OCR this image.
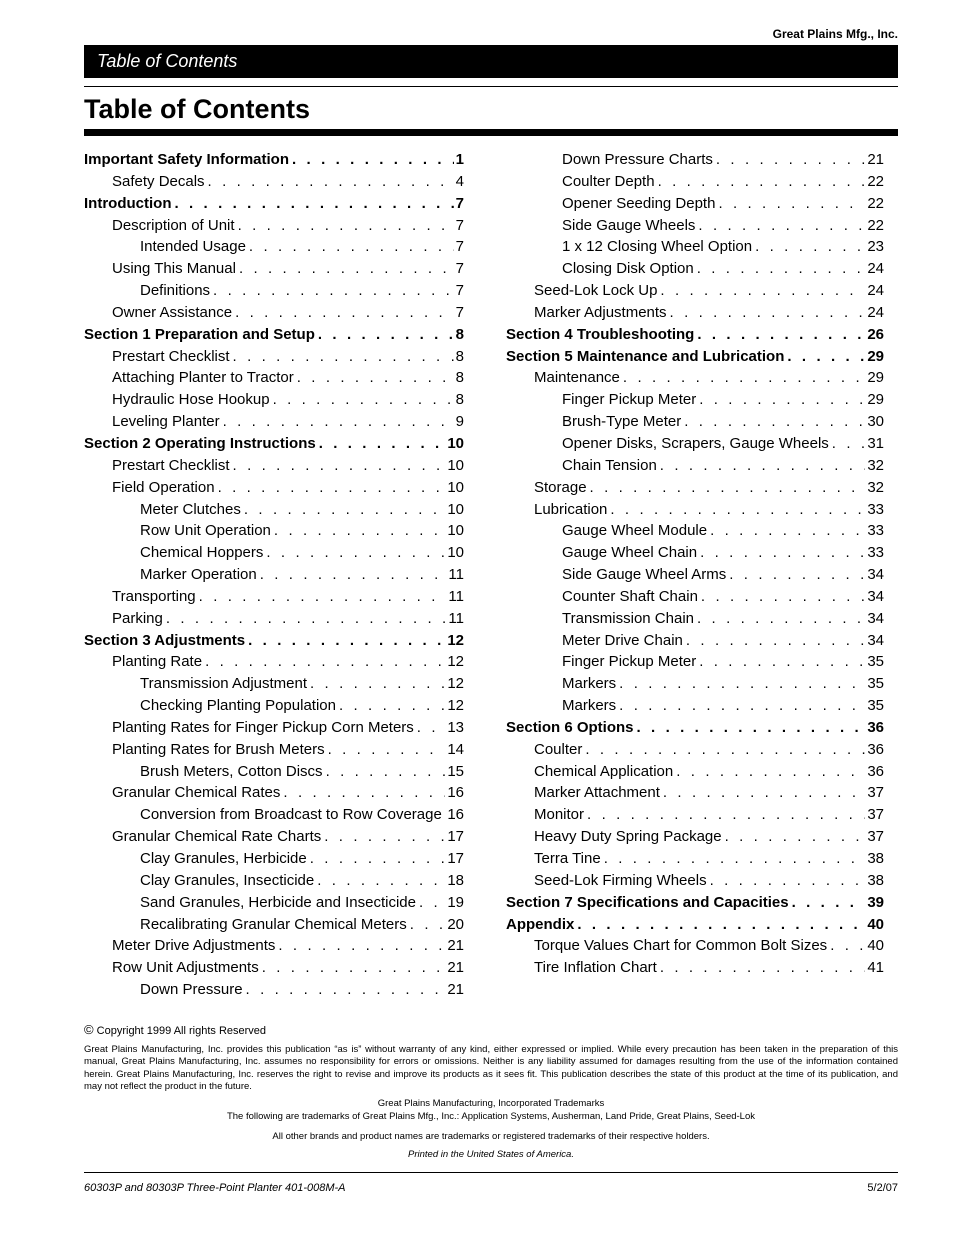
Great Plains Mfg., Inc.
Table of Contents
Table of Contents
Important Safety Information . . .	1
Safety Decals . . .	4
Introduction . . .	7
Description of Unit . . .	7
Intended Usage . . .	7
Using This Manual . . .	7
Definitions . . .	7
Owner Assistance . . .	7
Section 1 Preparation and Setup . . .	8
Prestart Checklist . . .	8
Attaching Planter to Tractor . . .	8
Hydraulic Hose Hookup . . .	8
Leveling Planter . . .	9
Section 2 Operating Instructions . . .	10
Prestart Checklist . . .	10
Field Operation . . .	10
Meter Clutches . . .	10
Row Unit Operation . . .	10
Chemical Hoppers . . .	10
Marker Operation . . .	11
Transporting . . .	11
Parking . . .	11
Section 3 Adjustments . . .	12
Planting Rate . . .	12
Transmission Adjustment . . .	12
Checking Planting Population . . .	12
Planting Rates for Finger Pickup Corn Meters . . . 13
Planting Rates for Brush Meters . . .	14
Brush Meters, Cotton Discs . . .	15
Granular Chemical Rates . . .	16
Conversion from Broadcast to Row Coverage . . . 16
Granular Chemical Rate Charts . . .	17
Clay Granules, Herbicide . . .	17
Clay Granules, Insecticide . . .	18
Sand Granules, Herbicide and Insecticide . . . 19
Recalibrating Granular Chemical Meters . . .	20
Meter Drive Adjustments . . .	21
Row Unit Adjustments . . .	21
Down Pressure . . .	21
Down Pressure Charts . . .	21
Coulter Depth . . .	22
Opener Seeding Depth . . .	22
Side Gauge Wheels . . .	22
1 x 12 Closing Wheel Option . . .	23
Closing Disk Option . . .	24
Seed-Lok Lock Up . . .	24
Marker Adjustments . . .	24
Section 4 Troubleshooting . . .	26
Section 5 Maintenance and Lubrication . . .	29
Maintenance . . .	29
Finger Pickup Meter . . .	29
Brush-Type Meter . . .	30
Opener Disks, Scrapers, Gauge Wheels . . .	31
Chain Tension . . .	32
Storage . . .	32
Lubrication . . .	33
Gauge Wheel Module . . .	33
Gauge Wheel Chain . . .	33
Side Gauge Wheel Arms . . .	34
Counter Shaft Chain . . .	34
Transmission Chain . . .	34
Meter Drive Chain . . .	34
Finger Pickup Meter . . .	35
Markers . . .	35
Markers . . .	35
Section 6 Options . . .	36
Coulter . . .	36
Chemical Application . . .	36
Marker Attachment . . .	37
Monitor . . .	37
Heavy Duty Spring Package . . .	37
Terra Tine . . .	38
Seed-Lok Firming Wheels . . .	38
Section 7 Specifications and Capacities . . .	39
Appendix . . .	40
Torque Values Chart for Common Bolt Sizes . . .	40
Tire Inflation Chart . . .	41
© Copyright 1999 All rights Reserved
Great Plains Manufacturing, Inc. provides this publication “as is” without warranty of any kind, either expressed or implied. While every precaution has been taken in the preparation of this manual, Great Plains Manufacturing, Inc. assumes no responsibility for errors or omissions. Neither is any liability assumed for damages resulting from the use of the information contained herein. Great Plains Manufacturing, Inc. reserves the right to revise and improve its products as it sees fit. This publication describes the state of this product at the time of its publication, and may not reflect the product in the future.
Great Plains Manufacturing, Incorporated Trademarks
The following are trademarks of Great Plains Mfg., Inc.: Application Systems, Ausherman, Land Pride, Great Plains, Seed-Lok
All other brands and product names are trademarks or registered trademarks of their respective holders.
Printed in the United States of America.
60303P and 80303P Three-Point Planter 401-008M-A	5/2/07
